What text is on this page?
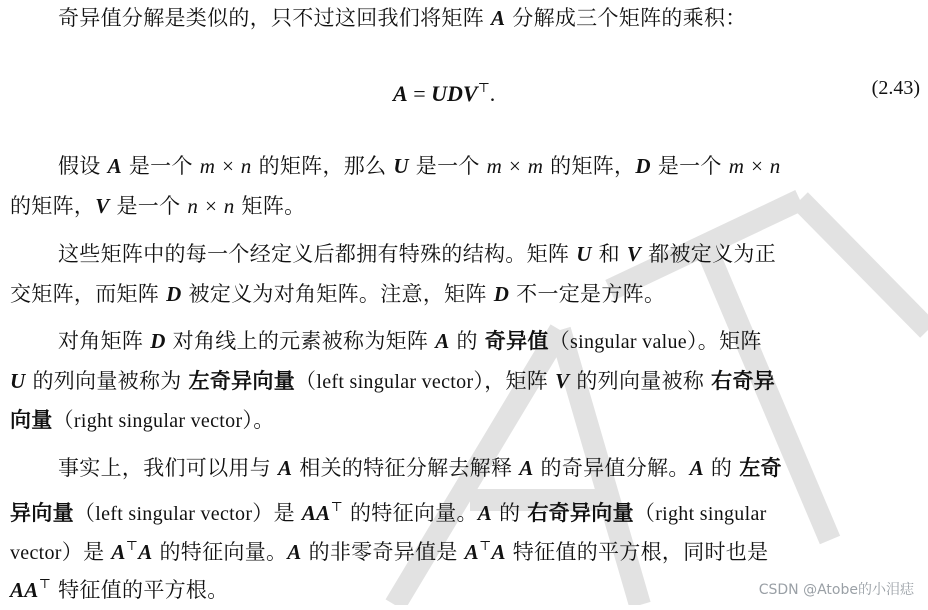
奇异值分解是类似的，只不过这回我们将矩阵 A 分解成三个矩阵的乘积：
A = UDV⊤.	(2.43)
假设 A 是一个 m × n 的矩阵，那么 U 是一个 m × m 的矩阵，D 是一个 m × n
的矩阵，V 是一个 n × n 矩阵。
这些矩阵中的每一个经定义后都拥有特殊的结构。矩阵 U 和 V 都被定义为正
交矩阵，而矩阵 D 被定义为对角矩阵。注意，矩阵 D 不一定是方阵。
对角矩阵 D 对角线上的元素被称为矩阵 A 的 奇异值（singular value）。矩阵
U 的列向量被称为 左奇异向量（left singular vector），矩阵 V 的列向量被称 右奇异
向量（right singular vector）。
事实上，我们可以用与 A 相关的特征分解去解释 A 的奇异值分解。A 的 左奇
异向量（left singular vector）是 AA⊤ 的特征向量。A 的 右奇异向量（right singular
vector）是 A⊤A 的特征向量。A 的非零奇异值是 A⊤A 特征值的平方根，同时也是
AA⊤ 特征值的平方根。	CSDN @Atobe的小泪痣
